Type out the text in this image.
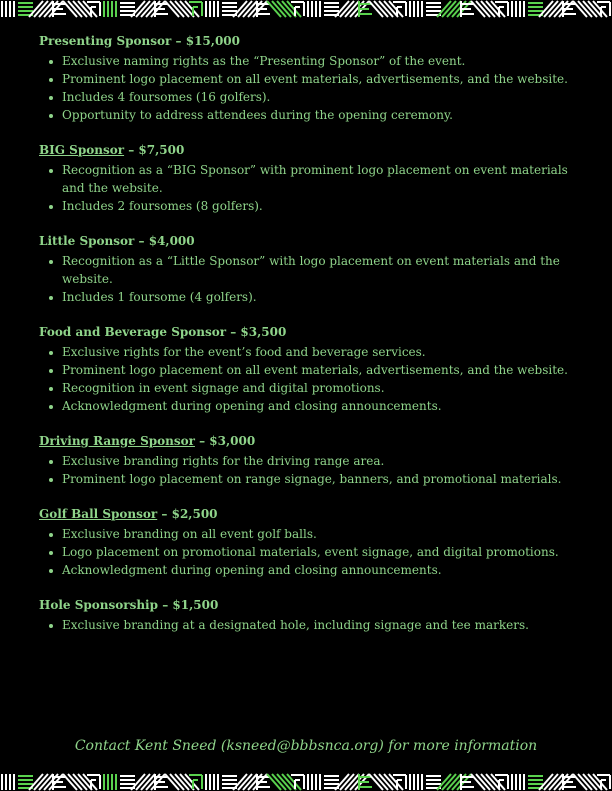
Presenting Sponsor – $15,000

Exclusive naming rights as the “Presenting Sponsor” of the event.
Prominent logo placement on all event materials, advertisements, and the website.
Includes 4 foursomes (16 golfers).
Opportunity to address attendees during the opening ceremony.

BIG Sponsor – $7,500

Recognition as a “BIG Sponsor” with prominent logo placement on event materials and the website.
Includes 2 foursomes (8 golfers).

Little Sponsor – $4,000

Recognition as a “Little Sponsor” with logo placement on event materials and the website.
Includes 1 foursome (4 golfers).

Food and Beverage Sponsor – $3,500

Exclusive rights for the event’s food and beverage services.
Prominent logo placement on all event materials, advertisements, and the website.
Recognition in event signage and digital promotions.
Acknowledgment during opening and closing announcements.

Driving Range Sponsor – $3,000

Exclusive branding rights for the driving range area.
Prominent logo placement on range signage, banners, and promotional materials.

Golf Ball Sponsor – $2,500

Exclusive branding on all event golf balls.
Logo placement on promotional materials, event signage, and digital promotions.
Acknowledgment during opening and closing announcements.

Hole Sponsorship – $1,500

Exclusive branding at a designated hole, including signage and tee markers.
Contact Kent Sneed (ksneed@bbbsnca.org) for more information
